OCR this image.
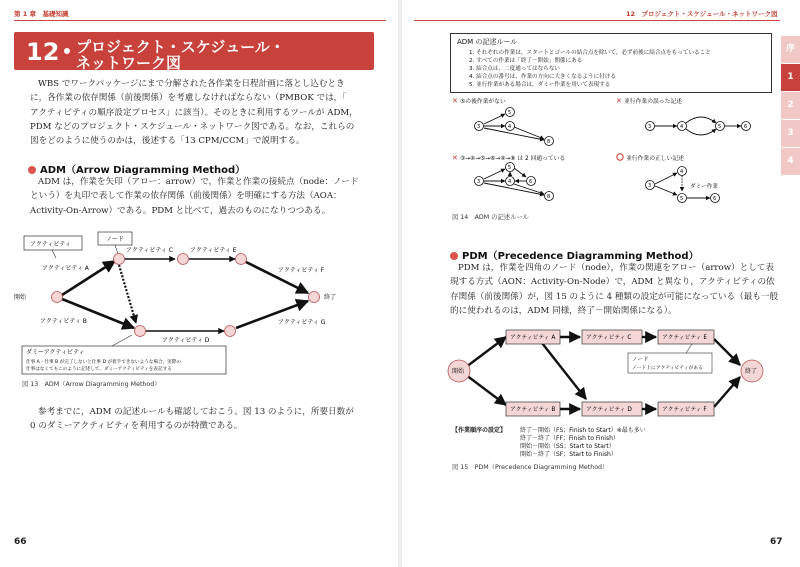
第 1 章　基礎知識
12 プロジェクト・スケジュール・
ネットワーク図

WBS でワークパッケージにまで分解された各作業を日程計画に落とし込むとき

に，各作業の依存関係（前後関係）を考慮しなければならない（PMBOK では，「

アクティビティの順序設定プロセス」に該当）。そのときに利用するツールが ADM，

PDM などのプロジェクト・スケジュール・ネットワーク図である。なお，これらの

図をどのように使うのかは，後述する「13 CPM/CCM」で説明する。

ADM（Arrow Diagramming Method）

ADM は，作業を矢印（アロー：arrow）で，作業と作業の接続点（node：ノード

という）を丸印で表して作業の依存関係（前後関係）を明確にする方法（AOA：

Activity-On-Arrow）である。PDM と比べて，過去のものになりつつある。

アクティビティ
ノード
開始	終了
アクティビティ A
アクティビティ B
アクティビティ C	アクティビティ E
アクティビティ F
アクティビティ D
アクティビティ G
ダミーアクティビティ
仕事 A・仕事 B が完了しないと仕事 D が着手できないような場合，実際の
仕事はなくてもこのように記述して，ダミーアクティビティを表記する
図 13　ADM（Arrow Diagramming Method）

参考までに，ADM の記述ルールも確認しておこう。図 13 のように，所要日数が

0 のダミーアクティビティを利用するのが特徴である。

66
12　プロジェクト・スケジュール・ネットワーク図
ADM の記述ルール
1. それぞれの作業は，スタートとゴールの結合点を除いて，必ず前後に結合点をもっていること
2. すべての作業は「終了－開始」関係にある
3. 結合点は，二度通ってはならない
4. 結合点の番号は，作業の方向に大きくなるように付ける
5. 並行作業がある場合は，ダミー作業を用いて表現する
✕ ⑤の後作業がない
3
5
4
8
✕ 並行作業の誤った記述
3	4	5	6
✕ ③→④→⑤→⑥→④→⑧ は 2 回通っている
3
5
4	6
8
並行作業の正しい記述
3
4
5	6
ダミー作業
図 14　ADM の記述ルール
PDM（Precedence Diagramming Method）

PDM は，作業を四角のノード（node），作業の関連をアロー（arrow）として表

現する方式（AON：Activity-On-Node）で，ADM と異なり，アクティビティの依

存関係（前後関係）が，図 15 のように 4 種類の設定が可能になっている（最も一般

的に使われるのは，ADM 同様，終了－開始関係になる）。

開始	終了
アクティビティ A	アクティビティ C	アクティビティ E
アクティビティ B	アクティビティ D	アクティビティ F
ノード
ノード上にアクティビティがある
【作業順序の設定】 終了－開始（FS；Finish to Start）※最も多い
終了－終了（FF；Finish to Finish）
開始－開始（SS；Start to Start）
開始－終了（SF；Start to Finish）
図 15　PDM（Precedence Diagramming Method）
67
序
1
2
3
4
